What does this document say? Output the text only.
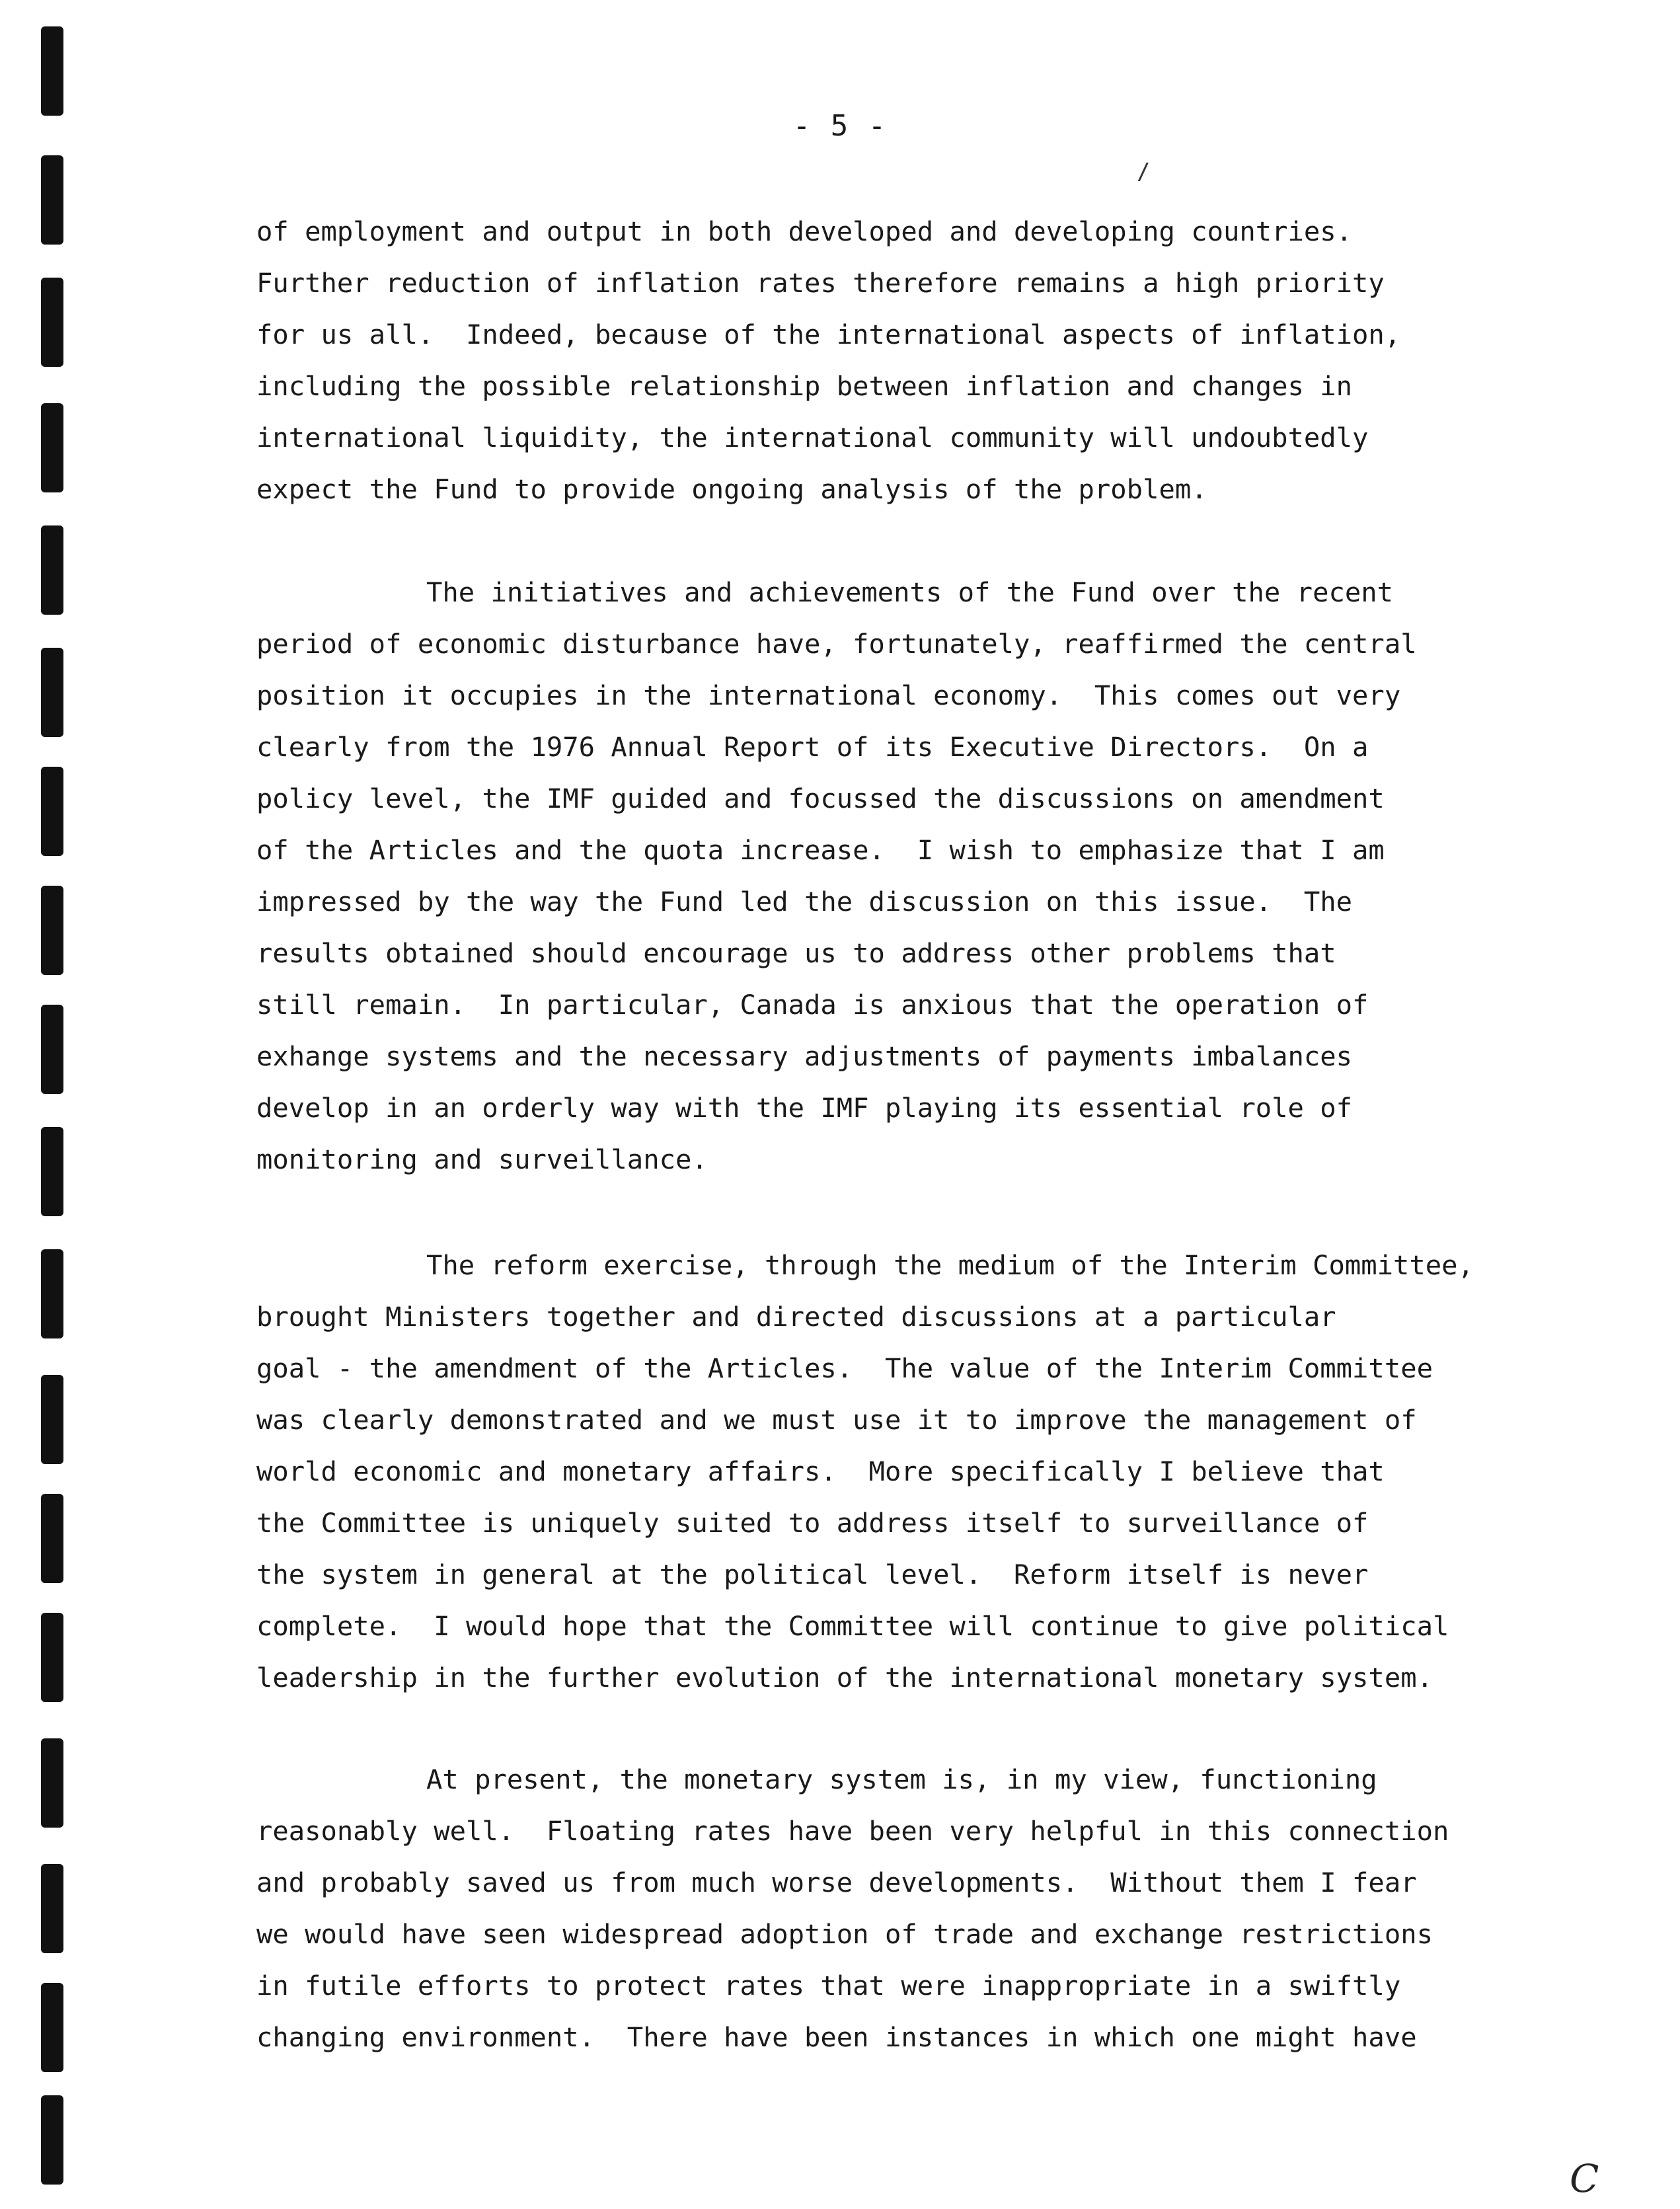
- 5 -
/
of employment and output in both developed and developing countries.
Further reduction of inflation rates therefore remains a high priority
for us all.  Indeed, because of the international aspects of inflation,
including the possible relationship between inflation and changes in
international liquidity, the international community will undoubtedly
expect the Fund to provide ongoing analysis of the problem.
The initiatives and achievements of the Fund over the recent
period of economic disturbance have, fortunately, reaffirmed the central
position it occupies in the international economy.  This comes out very
clearly from the 1976 Annual Report of its Executive Directors.  On a
policy level, the IMF guided and focussed the discussions on amendment
of the Articles and the quota increase.  I wish to emphasize that I am
impressed by the way the Fund led the discussion on this issue.  The
results obtained should encourage us to address other problems that
still remain.  In particular, Canada is anxious that the operation of
exhange systems and the necessary adjustments of payments imbalances
develop in an orderly way with the IMF playing its essential role of
monitoring and surveillance.
The reform exercise, through the medium of the Interim Committee,
brought Ministers together and directed discussions at a particular
goal - the amendment of the Articles.  The value of the Interim Committee
was clearly demonstrated and we must use it to improve the management of
world economic and monetary affairs.  More specifically I believe that
the Committee is uniquely suited to address itself to surveillance of
the system in general at the political level.  Reform itself is never
complete.  I would hope that the Committee will continue to give political
leadership in the further evolution of the international monetary system.
At present, the monetary system is, in my view, functioning
reasonably well.  Floating rates have been very helpful in this connection
and probably saved us from much worse developments.  Without them I fear
we would have seen widespread adoption of trade and exchange restrictions
in futile efforts to protect rates that were inappropriate in a swiftly
changing environment.  There have been instances in which one might have
C
